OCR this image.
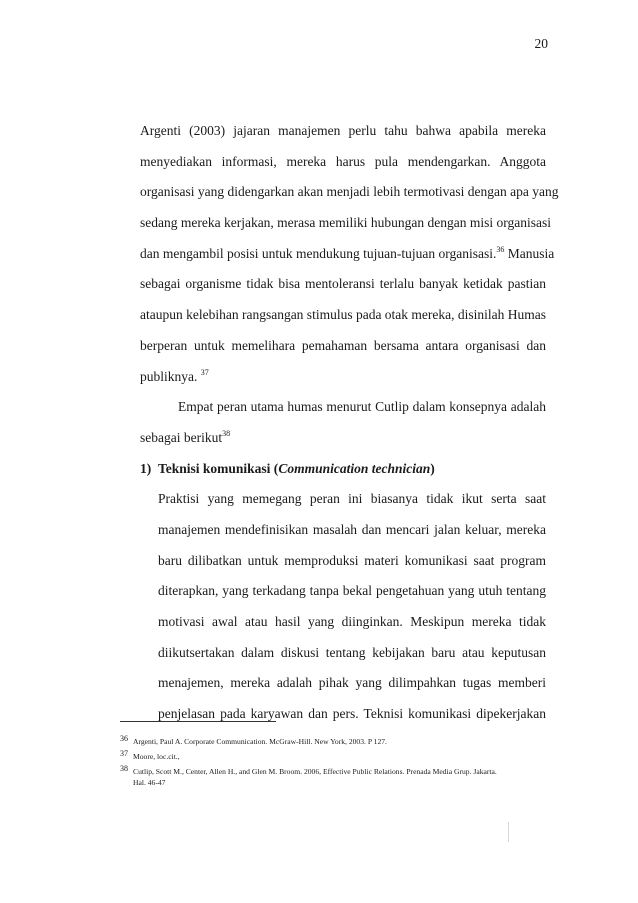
20
Argenti (2003) jajaran manajemen perlu tahu bahwa apabila mereka
menyediakan informasi, mereka harus pula mendengarkan. Anggota
organisasi yang didengarkan akan menjadi lebih termotivasi dengan apa yang
sedang mereka kerjakan, merasa memiliki hubungan dengan misi organisasi
dan mengambil posisi untuk mendukung tujuan-tujuan organisasi.$^{36}$ Manusia
sebagai organisme tidak bisa mentoleransi terlalu banyak ketidak pastian
ataupun kelebihan rangsangan stimulus pada otak mereka, disinilah Humas
berperan untuk memelihara pemahaman bersama antara organisasi dan
publiknya. $^{37}$
Empat peran utama humas menurut Cutlip dalam konsepnya adalah
sebagai berikut$^{38}$
1) Teknisi komunikasi (Communication technician)
Praktisi yang memegang peran ini biasanya tidak ikut serta saat
manajemen mendefinisikan masalah dan mencari jalan keluar, mereka
baru dilibatkan untuk memproduksi materi komunikasi saat program
diterapkan, yang terkadang tanpa bekal pengetahuan yang utuh tentang
motivasi awal atau hasil yang diinginkan. Meskipun mereka tidak
diikutsertakan dalam diskusi tentang kebijakan baru atau keputusan
menajemen, mereka adalah pihak yang dilimpahkan tugas memberi
penjelasan pada karyawan dan pers. Teknisi komunikasi dipekerjakan
36 Argenti, Paul A. Corporate Communication. McGraw-Hill. New York, 2003. P 127.
37 Moore, loc.cit.,
38 Cutlip, Scott M., Center, Allen H., and Glen M. Broom. 2006, Effective Public Relations. Prenada Media Grup. Jakarta.
Hal. 46-47
